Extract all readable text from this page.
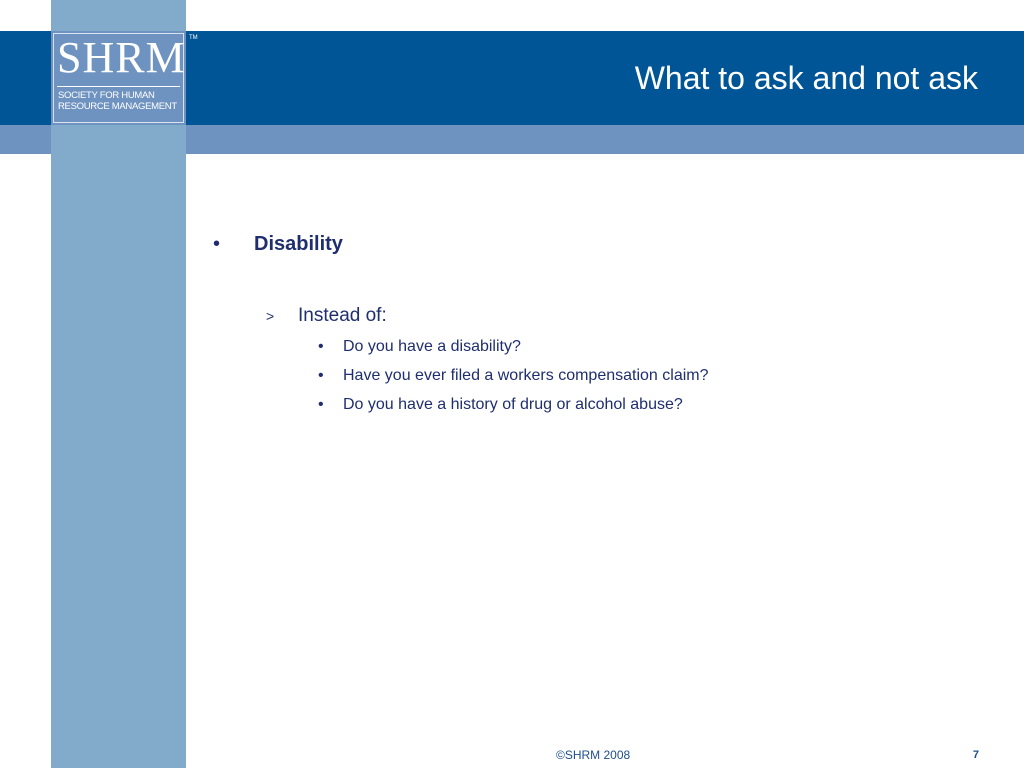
SHRM
SOCIETY FOR HUMAN
RESOURCE MANAGEMENT
TM
What to ask and not ask
• Disability
> Instead of:
• Do you have a disability?
• Have you ever filed a workers compensation claim?
• Do you have a history of drug or alcohol abuse?
©SHRM 2008	7
